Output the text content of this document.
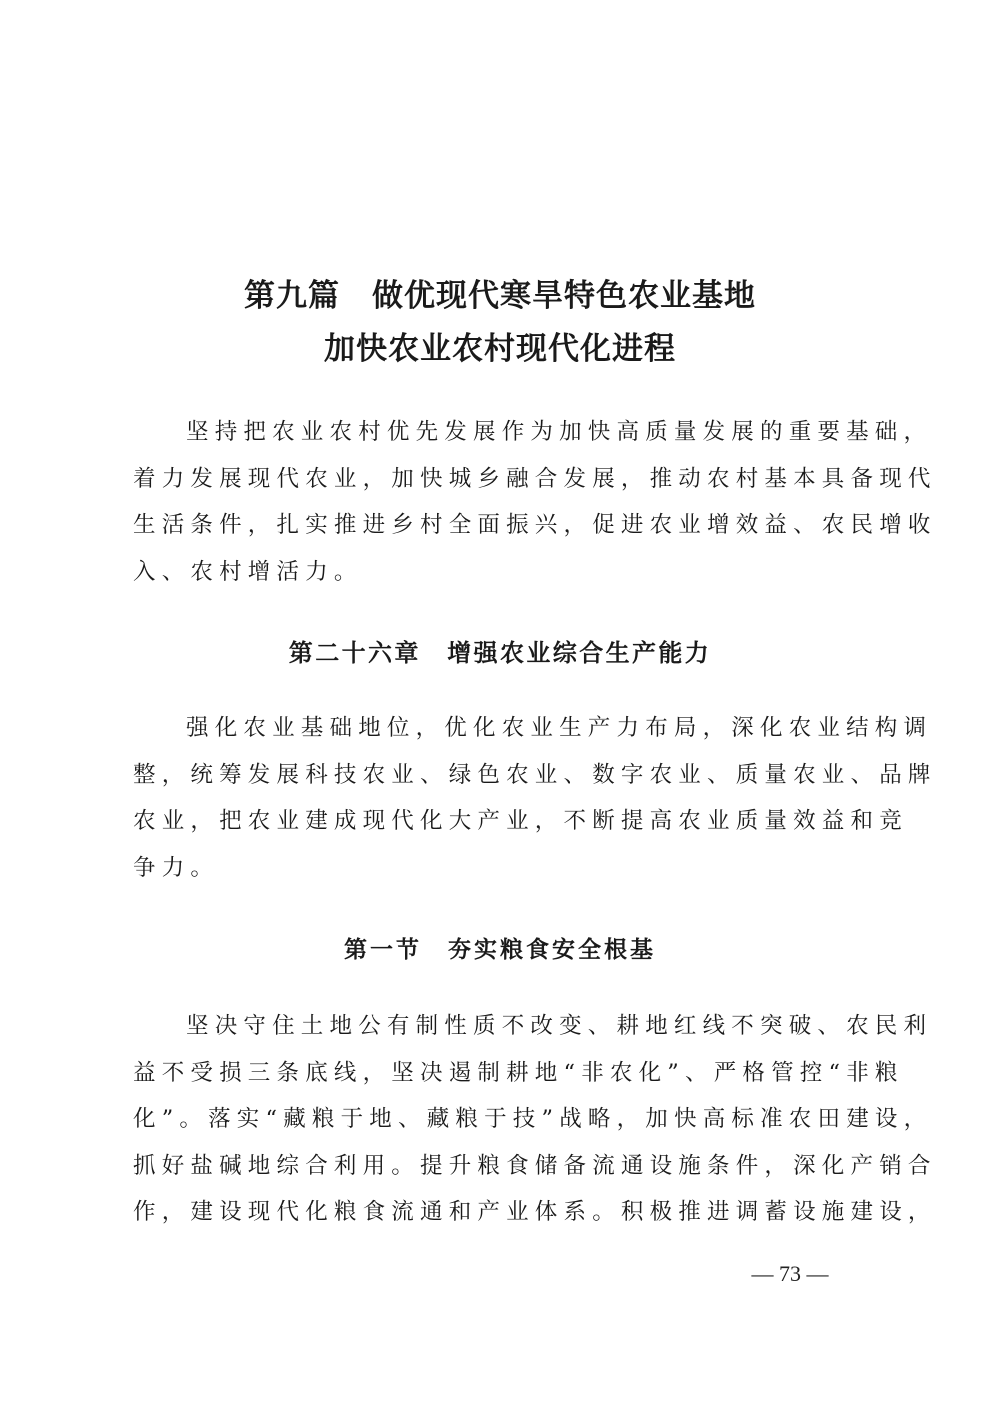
第九篇　做优现代寒旱特色农业基地
加快农业农村现代化进程

坚持把农业农村优先发展作为加快高质量发展的重要基础，
着力发展现代农业，加快城乡融合发展，推动农村基本具备现代
生活条件，扎实推进乡村全面振兴，促进农业增效益、农民增收
入、农村增活力。

第二十六章　增强农业综合生产能力

强化农业基础地位，优化农业生产力布局，深化农业结构调
整，统筹发展科技农业、绿色农业、数字农业、质量农业、品牌
农业，把农业建成现代化大产业，不断提高农业质量效益和竞
争力。

第一节　夯实粮食安全根基

坚决守住土地公有制性质不改变、耕地红线不突破、农民利
益不受损三条底线，坚决遏制耕地“非农化”、严格管控“非粮
化”。落实“藏粮于地、藏粮于技”战略，加快高标准农田建设，
抓好盐碱地综合利用。提升粮食储备流通设施条件，深化产销合
作，建设现代化粮食流通和产业体系。积极推进调蓄设施建设，

— 73 —
